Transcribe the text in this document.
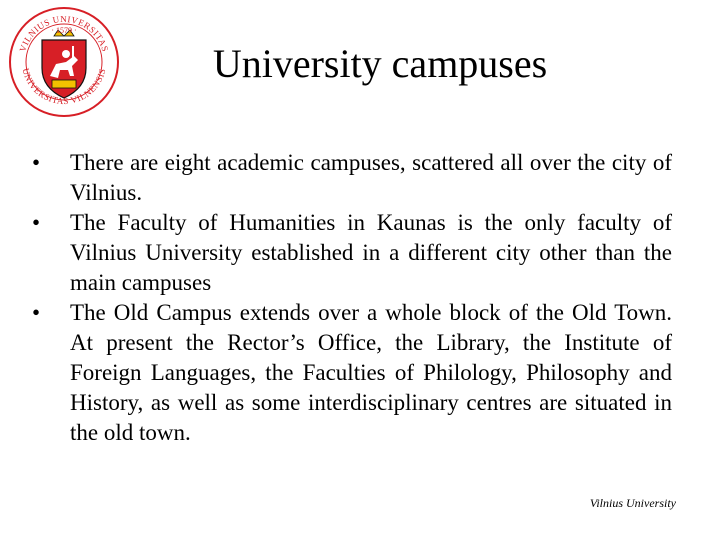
VILNIUS UNIVERSITAS
· 1579 ·
UNIVERSITAS VILNENSIS	University campuses
•	There are eight academic campuses, scattered all over the city of Vilnius.
•	The Faculty of Humanities in Kaunas is the only faculty of Vilnius University established in a different city other than the main campuses
•	The Old Campus extends over a whole block of the Old Town. At present the Rector’s Office, the Library, the Institute of Foreign Languages, the Faculties of Philology, Philosophy and History, as well as some interdisciplinary centres are situated in the old town.
Vilnius University
